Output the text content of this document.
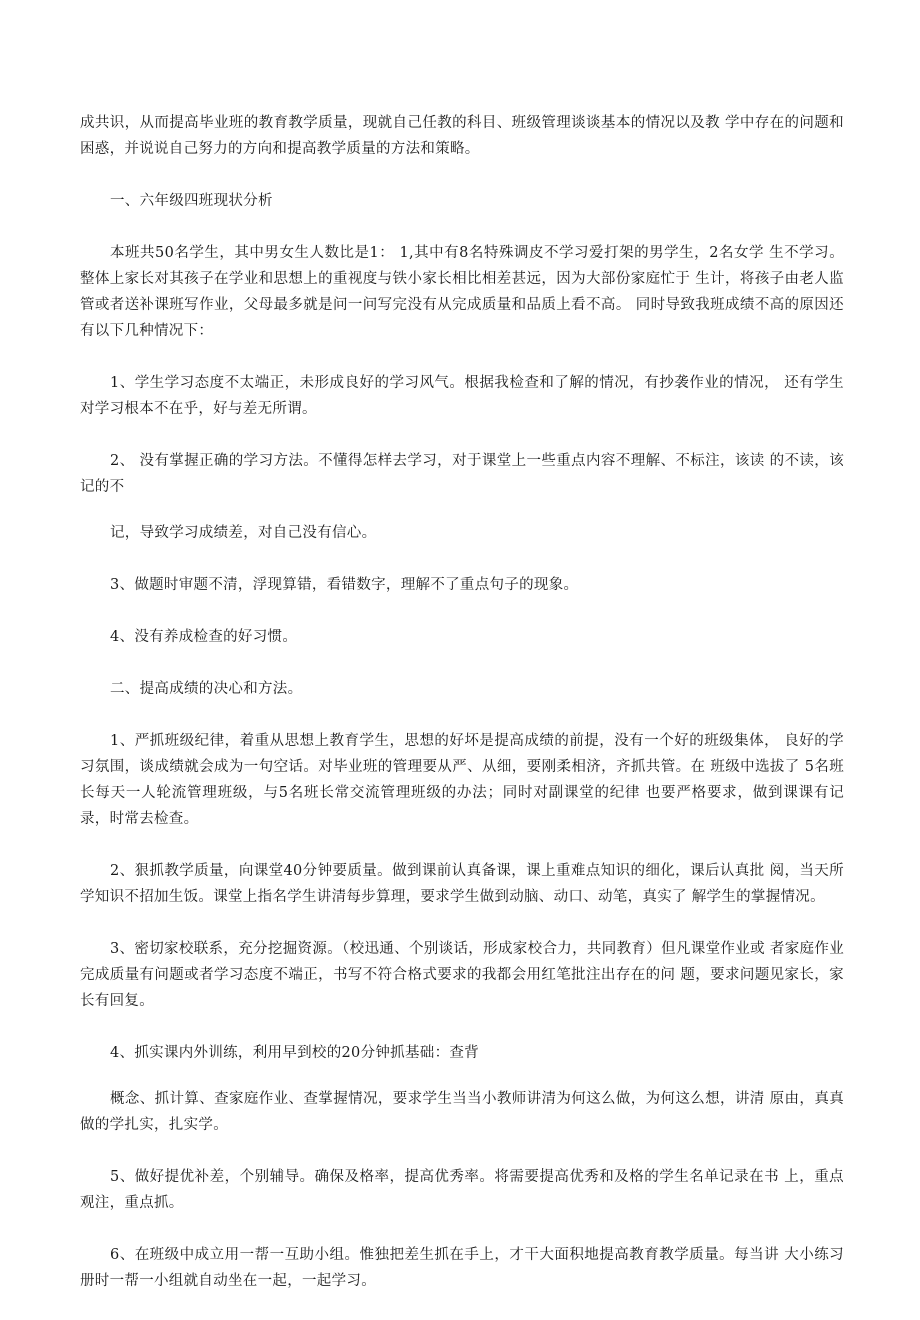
成共识，从而提高毕业班的教育教学质量，现就自己任教的科目、班级管理谈谈基本的情况以及教 学中存在的问题和困惑，并说说自己努力的方向和提高教学质量的方法和策略。

一、六年级四班现状分析

本班共50名学生，其中男女生人数比是1： 1,其中有8名特殊调皮不学习爱打架的男学生，2名女学 生不学习。整体上家长对其孩子在学业和思想上的重视度与铁小家长相比相差甚远，因为大部份家庭忙于 生计，将孩子由老人监管或者送补课班写作业，父母最多就是问一问写完没有从完成质量和品质上看不高。 同时导致我班成绩不高的原因还有以下几种情况下：

1、学生学习态度不太端正，未形成良好的学习风气。根据我检查和了解的情况，有抄袭作业的情况， 还有学生对学习根本不在乎，好与差无所谓。

2、 没有掌握正确的学习方法。不懂得怎样去学习，对于课堂上一些重点内容不理解、不标注，该读 的不读，该记的不

记，导致学习成绩差，对自己没有信心。

3、做题时审题不清，浮现算错，看错数字，理解不了重点句子的现象。

4、没有养成检查的好习惯。

二、提高成绩的决心和方法。

1、严抓班级纪律，着重从思想上教育学生，思想的好坏是提高成绩的前提，没有一个好的班级集体， 良好的学习氛围，谈成绩就会成为一句空话。对毕业班的管理要从严、从细，要刚柔相济，齐抓共管。在 班级中选拔了 5名班长每天一人轮流管理班级，与5名班长常交流管理班级的办法；同时对副课堂的纪律 也要严格要求，做到课课有记录，时常去检查。

2、狠抓教学质量，向课堂40分钟要质量。做到课前认真备课，课上重难点知识的细化，课后认真批 阅，当天所学知识不招加生饭。课堂上指名学生讲清每步算理，要求学生做到动脑、动口、动笔，真实了 解学生的掌握情况。

3、密切家校联系，充分挖掘资源。（校迅通、个别谈话，形成家校合力，共同教育）但凡课堂作业或 者家庭作业完成质量有问题或者学习态度不端正，书写不符合格式要求的我都会用红笔批注出存在的问 题，要求问题见家长，家长有回复。

4、抓实课内外训练，利用早到校的20分钟抓基础：查背

概念、抓计算、查家庭作业、查掌握情况，要求学生当当小教师讲清为何这么做，为何这么想，讲清 原由，真真做的学扎实，扎实学。

5、做好提优补差，个别辅导。确保及格率，提高优秀率。将需要提高优秀和及格的学生名单记录在书 上，重点观注，重点抓。

6、在班级中成立用一帮一互助小组。惟独把差生抓在手上，才干大面积地提高教育教学质量。每当讲 大小练习册时一帮一小组就自动坐在一起，一起学习。
